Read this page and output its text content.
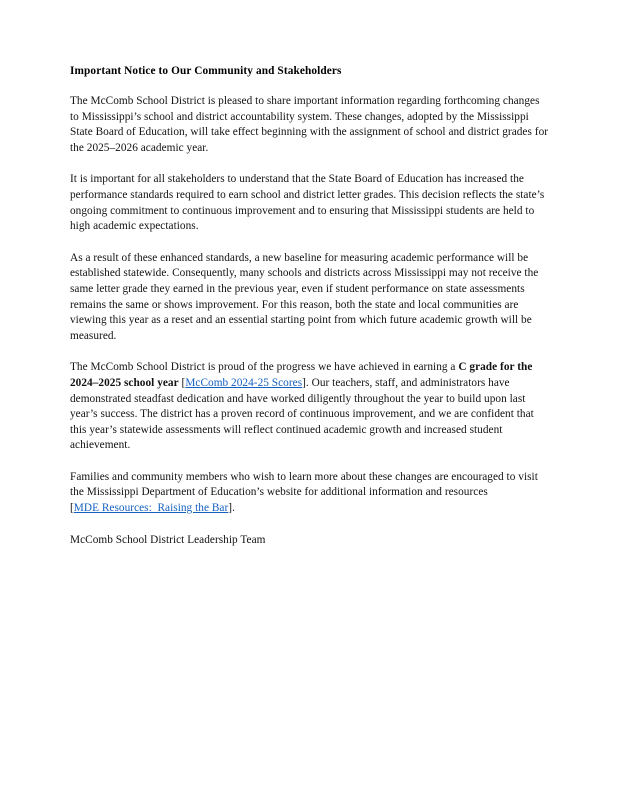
Important Notice to Our Community and Stakeholders

The McComb School District is pleased to share important information regarding forthcoming changes to Mississippi’s school and district accountability system. These changes, adopted by the Mississippi State Board of Education, will take effect beginning with the assignment of school and district grades for the 2025–2026 academic year.

It is important for all stakeholders to understand that the State Board of Education has increased the performance standards required to earn school and district letter grades. This decision reflects the state’s ongoing commitment to continuous improvement and to ensuring that Mississippi students are held to high academic expectations.

As a result of these enhanced standards, a new baseline for measuring academic performance will be established statewide. Consequently, many schools and districts across Mississippi may not receive the same letter grade they earned in the previous year, even if student performance on state assessments remains the same or shows improvement. For this reason, both the state and local communities are viewing this year as a reset and an essential starting point from which future academic growth will be measured.

The McComb School District is proud of the progress we have achieved in earning a C grade for the 2024–2025 school year [McComb 2024-25 Scores]. Our teachers, staff, and administrators have demonstrated steadfast dedication and have worked diligently throughout the year to build upon last year’s success. The district has a proven record of continuous improvement, and we are confident that this year’s statewide assessments will reflect continued academic growth and increased student achievement.

Families and community members who wish to learn more about these changes are encouraged to visit the Mississippi Department of Education’s website for additional information and resources [MDE Resources:  Raising the Bar].

McComb School District Leadership Team
